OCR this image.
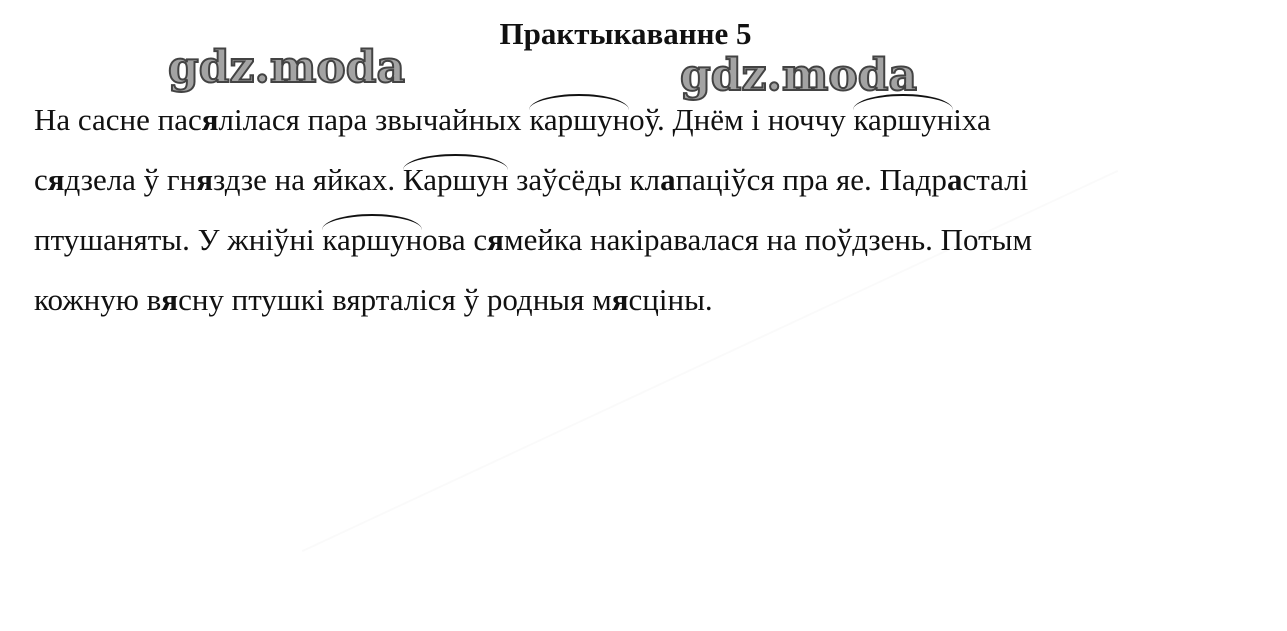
Практыкаванне 5
gdz.moda	gdz.moda
На сасне пасялілася пара звычайных каршуноў. Днём і ноччу каршуніха
сядзела ў гняздзе на яйках. Каршун заўсёды клапаціўся пра яе. Падрасталі
птушаняты. У жніўні каршунова сямейка накіравалася на поўдзень. Потым
кожную вясну птушкі вярталіся ў родныя мясціны.
